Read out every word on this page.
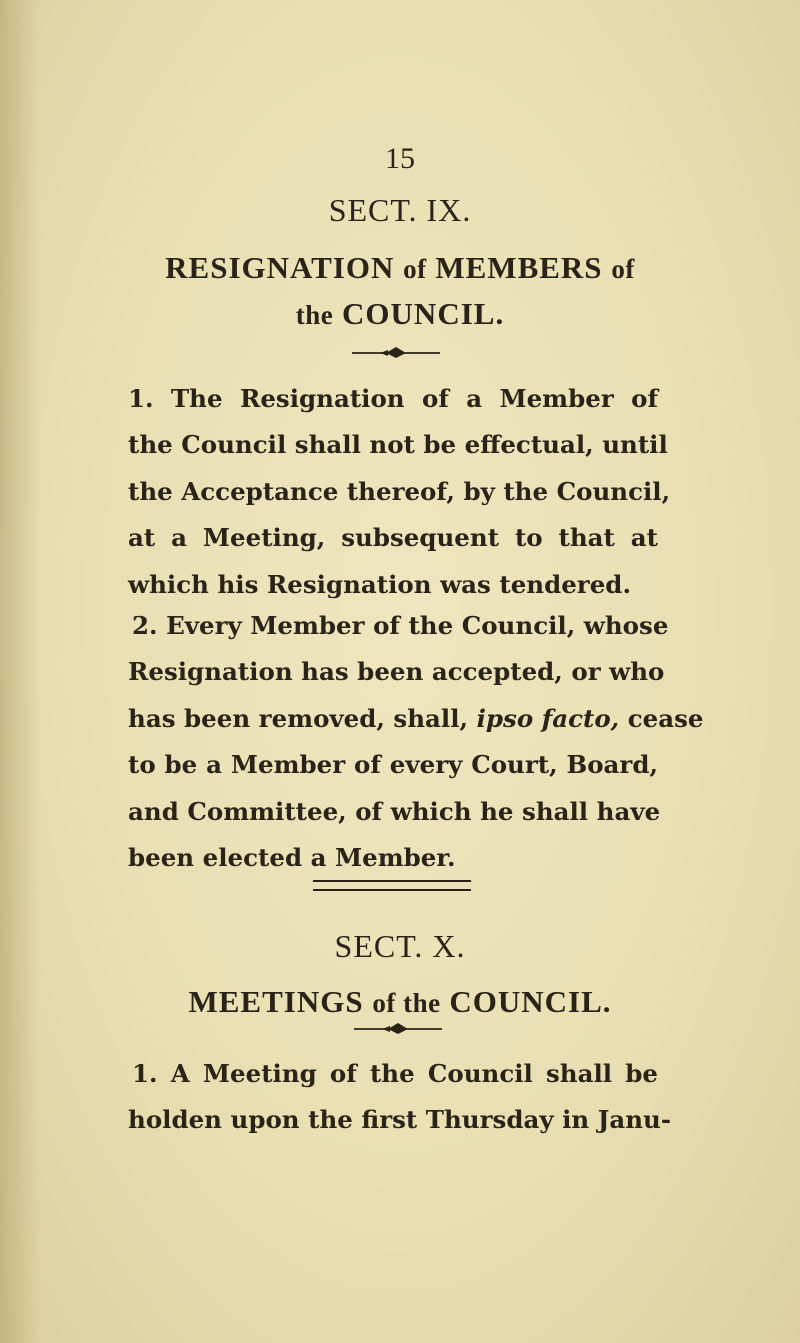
15
SECT. IX.
RESIGNATION of MEMBERS of
the COUNCIL.
1. The Resignation of a Member of
the Council shall not be effectual, until
the Acceptance thereof, by the Council,
at a Meeting, subsequent to that at
which his Resignation was tendered.
2. Every Member of the Council, whose
Resignation has been accepted, or who
has been removed, shall, ipso facto, cease
to be a Member of every Court, Board,
and Committee, of which he shall have
been elected a Member.
SECT. X.
MEETINGS of the COUNCIL.
1. A Meeting of the Council shall be
holden upon the first Thursday in Janu-
